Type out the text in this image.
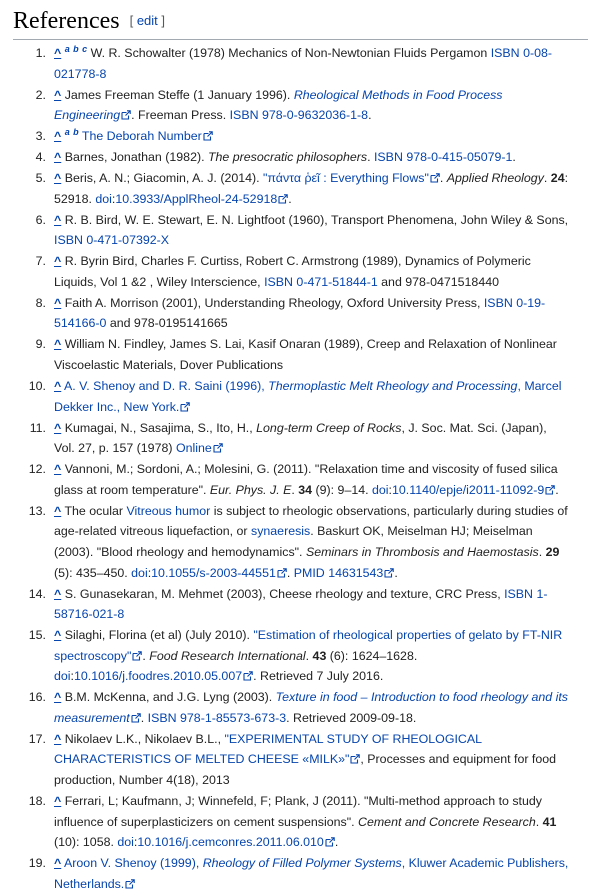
References [ edit ]
1. ^ $^a$ $^b$ $^c$ W. R. Schowalter (1978) Mechanics of Non-Newtonian Fluids Pergamon ISBN 0-08-021778-8
2. ^ James Freeman Steffe (1 January 1996). Rheological Methods in Food Process Engineering . Freeman Press. ISBN 978-0-9632036-1-8.
3. ^ $^a$ $^b$ The Deborah Number
4. ^ Barnes, Jonathan (1982). The presocratic philosophers. ISBN 978-0-415-05079-1.
5. ^ Beris, A. N.; Giacomin, A. J. (2014). "πάντα ῥεῖ : Everything Flows" . Applied Rheology. 24: 52918. doi:10.3933/ApplRheol-24-52918 .
6. ^ R. B. Bird, W. E. Stewart, E. N. Lightfoot (1960), Transport Phenomena, John Wiley & Sons, ISBN 0-471-07392-X
7. ^ R. Byrin Bird, Charles F. Curtiss, Robert C. Armstrong (1989), Dynamics of Polymeric Liquids, Vol 1 &2 , Wiley Interscience, ISBN 0-471-51844-1 and 978-0471518440
8. ^ Faith A. Morrison (2001), Understanding Rheology, Oxford University Press, ISBN 0-19-514166-0 and 978-0195141665
9. ^ William N. Findley, James S. Lai, Kasif Onaran (1989), Creep and Relaxation of Nonlinear Viscoelastic Materials, Dover Publications
10. ^ A. V. Shenoy and D. R. Saini (1996), Thermoplastic Melt Rheology and Processing, Marcel Dekker Inc., New York.
11. ^ Kumagai, N., Sasajima, S., Ito, H., Long-term Creep of Rocks, J. Soc. Mat. Sci. (Japan), Vol. 27, p. 157 (1978) Online
12. ^ Vannoni, M.; Sordoni, A.; Molesini, G. (2011). "Relaxation time and viscosity of fused silica glass at room temperature". Eur. Phys. J. E. 34 (9): 9–14. doi:10.1140/epje/i2011-11092-9 .
13. ^ The ocular Vitreous humor is subject to rheologic observations, particularly during studies of age-related vitreous liquefaction, or synaeresis. Baskurt OK, Meiselman HJ; Meiselman (2003). "Blood rheology and hemodynamics". Seminars in Thrombosis and Haemostasis. 29 (5): 435–450. doi:10.1055/s-2003-44551 . PMID 14631543 .
14. ^ S. Gunasekaran, M. Mehmet (2003), Cheese rheology and texture, CRC Press, ISBN 1-58716-021-8
15. ^ Silaghi, Florina (et al) (July 2010). "Estimation of rheological properties of gelato by FT-NIR spectroscopy" . Food Research International. 43 (6): 1624–1628. doi:10.1016/j.foodres.2010.05.007 . Retrieved 7 July 2016.
16. ^ B.M. McKenna, and J.G. Lyng (2003). Texture in food – Introduction to food rheology and its measurement . ISBN 978-1-85573-673-3. Retrieved 2009-09-18.
17. ^ Nikolaev L.K., Nikolaev B.L., "EXPERIMENTAL STUDY OF RHEOLOGICAL CHARACTERISTICS OF MELTED CHEESE «MILK»" , Processes and equipment for food production, Number 4(18), 2013
18. ^ Ferrari, L; Kaufmann, J; Winnefeld, F; Plank, J (2011). "Multi-method approach to study influence of superplasticizers on cement suspensions". Cement and Concrete Research. 41 (10): 1058. doi:10.1016/j.cemconres.2011.06.010 .
19. ^ Aroon V. Shenoy (1999), Rheology of Filled Polymer Systems, Kluwer Academic Publishers, Netherlands.
